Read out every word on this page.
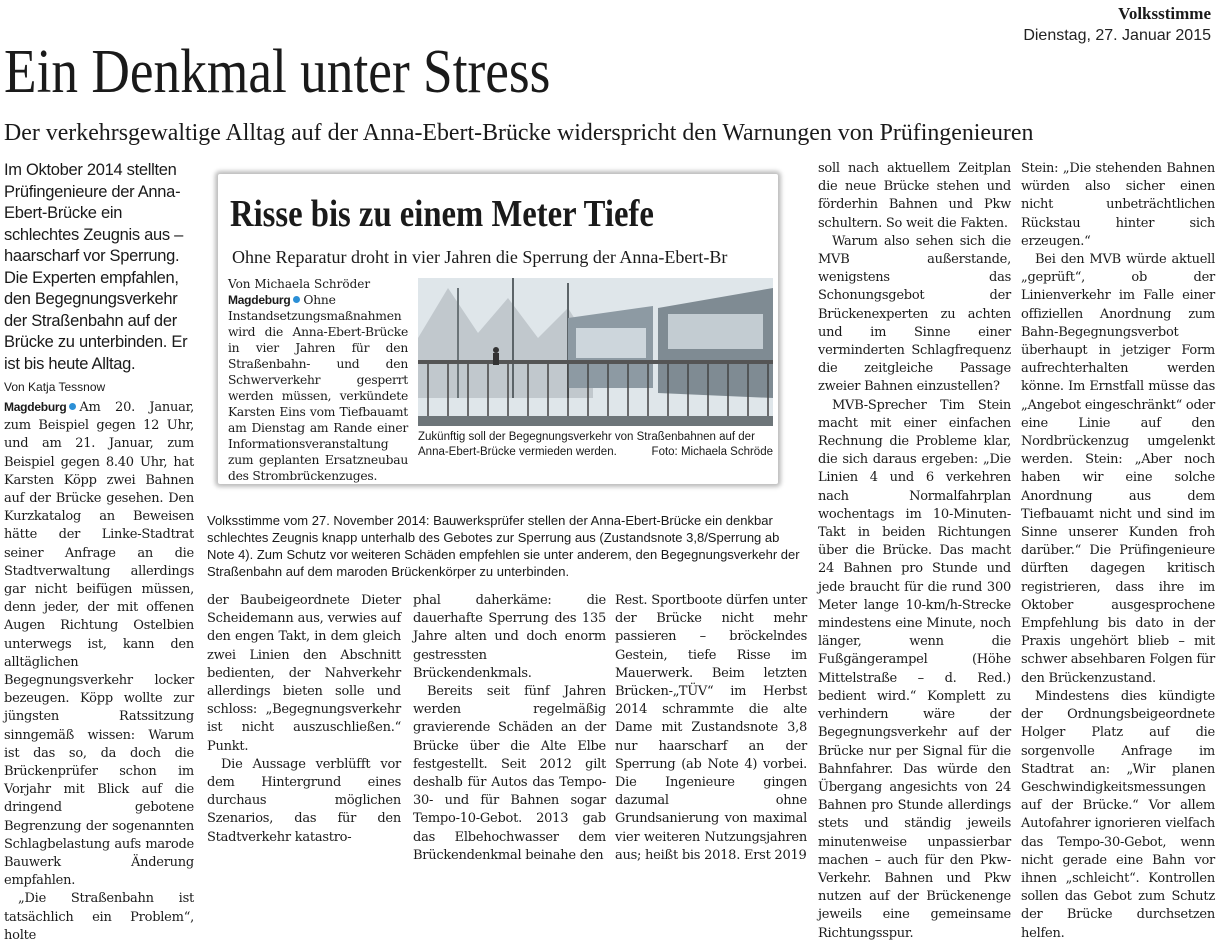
Volksstimme
Dienstag, 27. Januar 2015
Ein Denkmal unter Stress
Der verkehrsgewaltige Alltag auf der Anna-Ebert-Brücke widerspricht den Warnungen von Prüfingenieuren
Im Oktober 2014 stellten Prüfingenieure der Anna-Ebert-Brücke ein schlechtes Zeugnis aus – haarscharf vor Sperrung. Die Experten empfahlen, den Begegnungsverkehr der Straßenbahn auf der Brücke zu unterbinden. Er ist bis heute Alltag.
Von Katja Tessnow

Magdeburg Am 20. Januar, zum Beispiel gegen 12 Uhr, und am 21. Januar, zum Beispiel gegen 8.40 Uhr, hat Karsten Köpp zwei Bahnen auf der Brücke gesehen. Den Kurzkatalog an Beweisen hätte der Linke-Stadtrat seiner Anfrage an die Stadtverwaltung allerdings gar nicht beifügen müssen, denn jeder, der mit offenen Augen Richtung Ostelbien unterwegs ist, kann den alltäglichen Begegnungsverkehr locker bezeugen. Köpp wollte zur jüngsten Ratssitzung sinngemäß wissen: Warum ist das so, da doch die Brückenprüfer schon im Vorjahr mit Blick auf die dringend gebotene Begrenzung der sogenannten Schlagbelastung aufs marode Bauwerk Änderung empfahlen.

„Die Straßenbahn ist tatsächlich ein Problem“, holte

Risse bis zu einem Meter Tiefe
Ohne Reparatur droht in vier Jahren die Sperrung der Anna-Ebert-Br
Von Michaela Schröder

Magdeburg Ohne Instandsetzungsmaßnahmen wird die Anna-Ebert-Brücke in vier Jahren für den Straßenbahn- und den Schwerverkehr gesperrt werden müssen, verkündete Karsten Eins vom Tiefbauamt am Dienstag am Rande einer Informationsveranstaltung zum geplanten Ersatzneubau des Strombrückenzuges.

Zukünftig soll der Begegnungsverkehr von Straßenbahnen auf der Anna-Ebert-Brücke vermieden werden.	Foto: Michaela Schröde
Volksstimme vom 27. November 2014: Bauwerksprüfer stellen der Anna-Ebert-Brücke ein denkbar schlechtes Zeugnis knapp unterhalb des Gebotes zur Sperrung aus (Zustandsnote 3,8/Sperrung ab Note 4). Zum Schutz vor weiteren Schäden empfehlen sie unter anderem, den Begegnungsverkehr der Straßenbahn auf dem maroden Brückenkörper zu unterbinden.

der Baubeigeordnete Dieter Scheidemann aus, verwies auf den engen Takt, in dem gleich zwei Linien den Abschnitt bedienten, der Nahverkehr allerdings bieten solle und schloss: „Begegnungsverkehr ist nicht auszuschließen.“ Punkt.

Die Aussage verblüfft vor dem Hintergrund eines durchaus möglichen Szenarios, das für den Stadtverkehr katastro-

phal daherkäme: die dauerhafte Sperrung des 135 Jahre alten und doch enorm gestressten Brückendenkmals.

Bereits seit fünf Jahren werden regelmäßig gravierende Schäden an der Brücke über die Alte Elbe festgestellt. Seit 2012 gilt deshalb für Autos das Tempo-30- und für Bahnen sogar Tempo-10-Gebot. 2013 gab das Elbehochwasser dem Brückendenkmal beinahe den

Rest. Sportboote dürfen unter der Brücke nicht mehr passieren – bröckelndes Gestein, tiefe Risse im Mauerwerk. Beim letzten Brücken-„TÜV“ im Herbst 2014 schrammte die alte Dame mit Zustandsnote 3,8 nur haarscharf an der Sperrung (ab Note 4) vorbei. Die Ingenieure gingen dazumal ohne Grundsanierung von maximal vier weiteren Nutzungsjahren aus; heißt bis 2018. Erst 2019

soll nach aktuellem Zeitplan die neue Brücke stehen und förderhin Bahnen und Pkw schultern. So weit die Fakten.

Warum also sehen sich die MVB außerstande, wenigstens das Schonungsgebot der Brückenexperten zu achten und im Sinne einer verminderten Schlagfrequenz die zeitgleiche Passage zweier Bahnen einzustellen?

MVB-Sprecher Tim Stein macht mit einer einfachen Rechnung die Probleme klar, die sich daraus ergeben: „Die Linien 4 und 6 verkehren nach Normalfahrplan wochentags im 10-Minuten-Takt in beiden Richtungen über die Brücke. Das macht 24 Bahnen pro Stunde und jede braucht für die rund 300 Meter lange 10-km/h-Strecke mindestens eine Minute, noch länger, wenn die Fußgängerampel (Höhe Mittelstraße – d. Red.) bedient wird.“ Komplett zu verhindern wäre der Begegnungsverkehr auf der Brücke nur per Signal für die Bahnfahrer. Das würde den Übergang angesichts von 24 Bahnen pro Stunde allerdings stets und ständig jeweils minutenweise unpassierbar machen – auch für den Pkw-Verkehr. Bahnen und Pkw nutzen auf der Brückenenge jeweils eine gemeinsame Richtungsspur.

Stein: „Die stehenden Bahnen würden also sicher einen nicht unbeträchtlichen Rückstau hinter sich erzeugen.“

Bei den MVB würde aktuell „geprüft“, ob der Linienverkehr im Falle einer offiziellen Anordnung zum Bahn-Begegnungsverbot überhaupt in jetziger Form aufrechterhalten werden könne. Im Ernstfall müsse das „Angebot eingeschränkt“ oder eine Linie auf den Nordbrückenzug umgelenkt werden. Stein: „Aber noch haben wir eine solche Anordnung aus dem Tiefbauamt nicht und sind im Sinne unserer Kunden froh darüber.“ Die Prüfingenieure dürften dagegen kritisch registrieren, dass ihre im Oktober ausgesprochene Empfehlung bis dato in der Praxis ungehört blieb – mit schwer absehbaren Folgen für den Brückenzustand.

Mindestens dies kündigte der Ordnungsbeigeordnete Holger Platz auf die sorgenvolle Anfrage im Stadtrat an: „Wir planen Geschwindigkeitsmessungen auf der Brücke.“ Vor allem Autofahrer ignorieren vielfach das Tempo-30-Gebot, wenn nicht gerade eine Bahn vor ihnen „schleicht“. Kontrollen sollen das Gebot zum Schutz der Brücke durchsetzen helfen.
